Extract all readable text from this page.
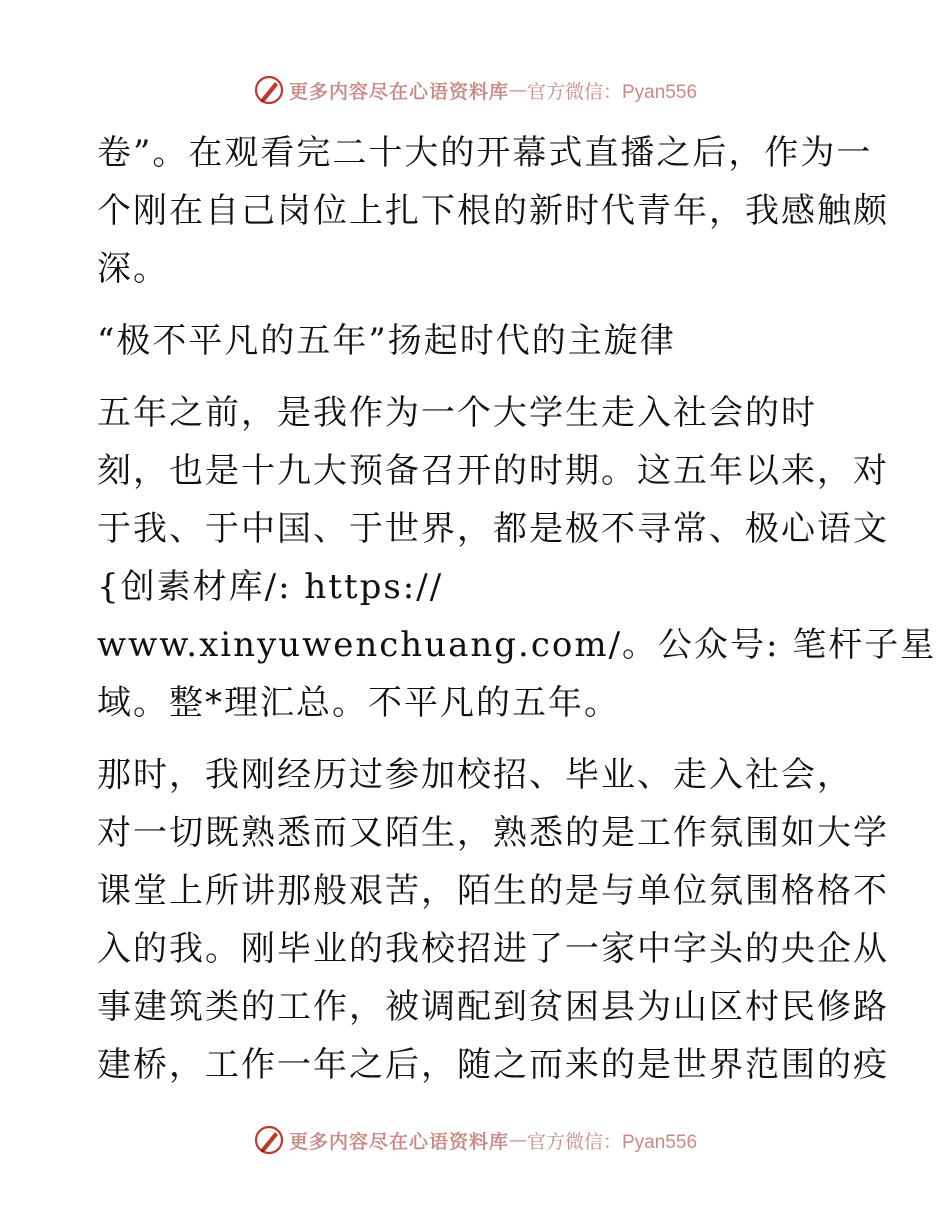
更多内容尽在心语资料库 — 官方微信：Pyan556

卷”。在观看完二十大的开幕式直播之后，作为一
个刚在自己岗位上扎下根的新时代青年，我感触颇
深。

“极不平凡的五年”扬起时代的主旋律

五年之前，是我作为一个大学生走入社会的时
刻，也是十九大预备召开的时期。这五年以来，对
于我、于中国、于世界，都是极不寻常、极心语文
{创素材库/: https://
www.xinyuwenchuang.com/。公众号: 笔杆子星
域。整*理汇总。不平凡的五年。

那时，我刚经历过参加校招、毕业、走入社会，
对一切既熟悉而又陌生，熟悉的是工作氛围如大学
课堂上所讲那般艰苦，陌生的是与单位氛围格格不
入的我。刚毕业的我校招进了一家中字头的央企从
事建筑类的工作，被调配到贫困县为山区村民修路
建桥，工作一年之后，随之而来的是世界范围的疫

更多内容尽在心语资料库 — 官方微信：Pyan556
